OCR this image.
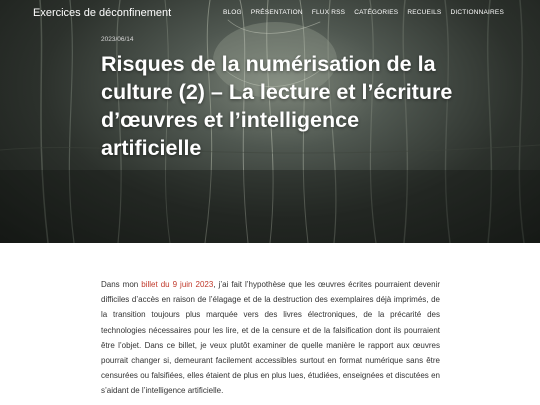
Exercices de déconfinement	BLOG PRÉSENTATION FLUX RSS CATÉGORIES RECUEILS DICTIONNAIRES
2023/06/14
Risques de la numérisation de la culture (2) – La lecture et l’écriture d’œuvres et l’intelligence artificielle

Dans mon billet du 9 juin 2023, j’ai fait l’hypothèse que les œuvres écrites pourraient devenir difficiles d’accès en raison de l’élagage et de la destruction des exemplaires déjà imprimés, de la transition toujours plus marquée vers des livres électroniques, de la précarité des technologies nécessaires pour les lire, et de la censure et de la falsification dont ils pourraient être l’objet. Dans ce billet, je veux plutôt examiner de quelle manière le rapport aux œuvres pourrait changer si, demeurant facilement accessibles surtout en format numérique sans être censurées ou falsifiées, elles étaient de plus en plus lues, étudiées, enseignées et discutées en s’aidant de l’intelligence artificielle.
